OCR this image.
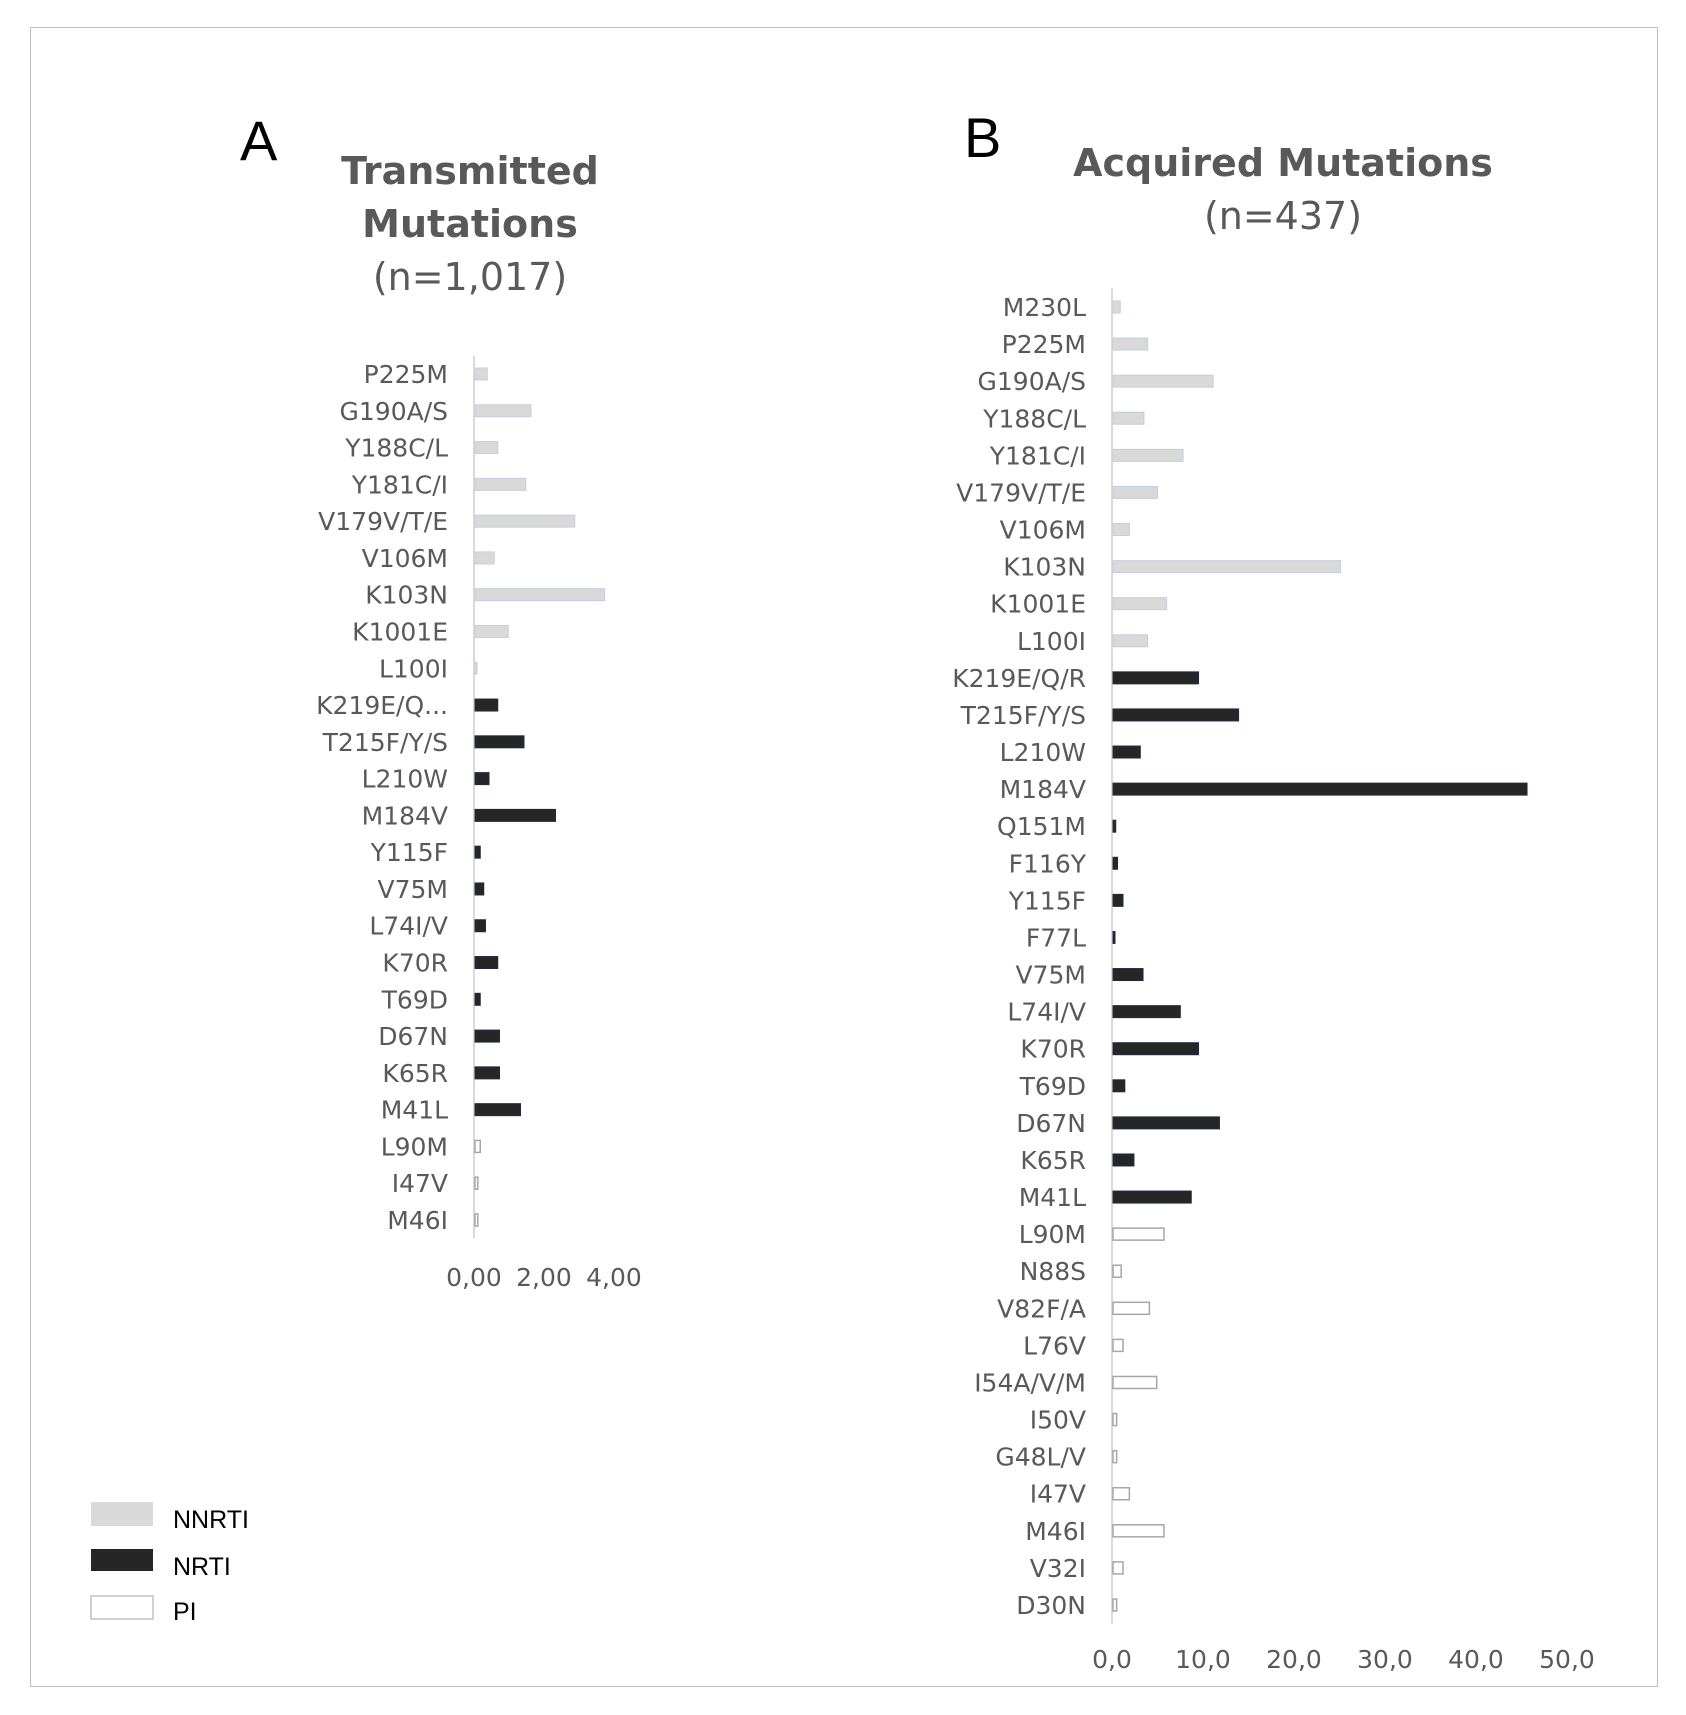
A	B
Transmitted
Mutations
(n=1,017)
Acquired Mutations
(n=437)
P225M
G190A/S
Y188C/L
Y181C/I
V179V/T/E
V106M
K103N
K1001E
L100I
K219E/Q...
T215F/Y/S
L210W
M184V
Y115F
V75M
L74I/V
K70R
T69D
D67N
K65R
M41L
L90M
I47V
M46I
0,00 2,00 4,00
M230L
P225M
G190A/S
Y188C/L
Y181C/I
V179V/T/E
V106M
K103N
K1001E
L100I
K219E/Q/R
T215F/Y/S
L210W
M184V
Q151M
F116Y
Y115F
F77L
V75M
L74I/V
K70R
T69D
D67N
K65R
M41L
L90M
N88S
V82F/A
L76V
I54A/V/M
I50V
G48L/V
I47V
M46I
V32I
D30N
0,0 10,0 20,0 30,0 40,0 50,0
NNRTI
NRTI
PI
